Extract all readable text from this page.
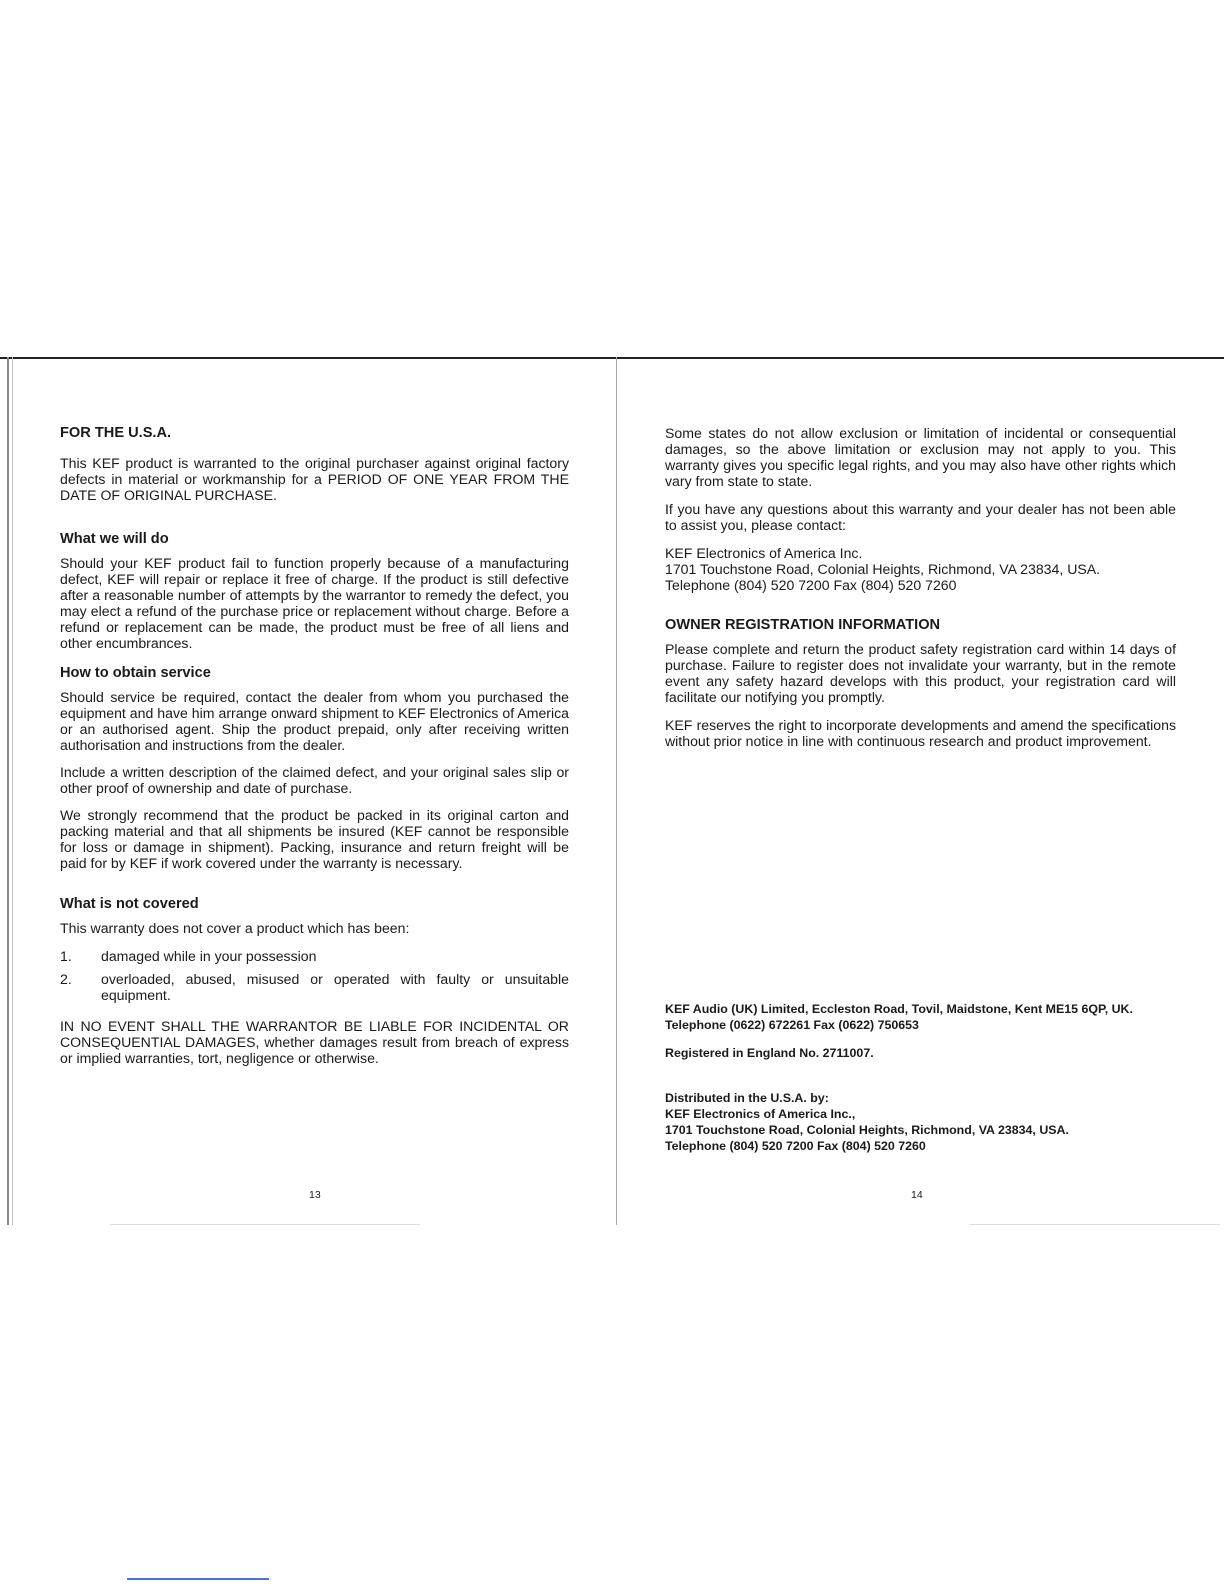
FOR THE U.S.A.

This KEF product is warranted to the original purchaser against original factory defects in material or workmanship for a PERIOD OF ONE YEAR FROM THE DATE OF ORIGINAL PURCHASE.

What we will do

Should your KEF product fail to function properly because of a manufacturing defect, KEF will repair or replace it free of charge. If the product is still defective after a reasonable number of attempts by the warrantor to remedy the defect, you may elect a refund of the purchase price or replacement without charge. Before a refund or replacement can be made, the product must be free of all liens and other encumbrances.

How to obtain service

Should service be required, contact the dealer from whom you purchased the equipment and have him arrange onward shipment to KEF Electronics of America or an authorised agent. Ship the product prepaid, only after receiving written authorisation and instructions from the dealer.

Include a written description of the claimed defect, and your original sales slip or other proof of ownership and date of purchase.

We strongly recommend that the product be packed in its original carton and packing material and that all shipments be insured (KEF cannot be responsible for loss or damage in shipment). Packing, insurance and return freight will be paid for by KEF if work covered under the warranty is necessary.

What is not covered

This warranty does not cover a product which has been:

1.	damaged while in your possession
2.	overloaded, abused, misused or operated with faulty or unsuitable equipment.

IN NO EVENT SHALL THE WARRANTOR BE LIABLE FOR INCIDENTAL OR CONSEQUENTIAL DAMAGES, whether damages result from breach of express or implied warranties, tort, negligence or otherwise.

13

Some states do not allow exclusion or limitation of incidental or consequential damages, so the above limitation or exclusion may not apply to you. This warranty gives you specific legal rights, and you may also have other rights which vary from state to state.

If you have any questions about this warranty and your dealer has not been able to assist you, please contact:

KEF Electronics of America Inc.
1701 Touchstone Road, Colonial Heights, Richmond, VA 23834, USA.
Telephone (804) 520 7200 Fax (804) 520 7260
OWNER REGISTRATION INFORMATION

Please complete and return the product safety registration card within 14 days of purchase. Failure to register does not invalidate your warranty, but in the remote event any safety hazard develops with this product, your registration card will facilitate our notifying you promptly.

KEF reserves the right to incorporate developments and amend the specifications without prior notice in line with continuous research and product improvement.

KEF Audio (UK) Limited, Eccleston Road, Tovil, Maidstone, Kent ME15 6QP, UK.
Telephone (0622) 672261 Fax (0622) 750653
Registered in England No. 2711007.
Distributed in the U.S.A. by:
KEF Electronics of America Inc.,
1701 Touchstone Road, Colonial Heights, Richmond, VA 23834, USA.
Telephone (804) 520 7200 Fax (804) 520 7260
14
